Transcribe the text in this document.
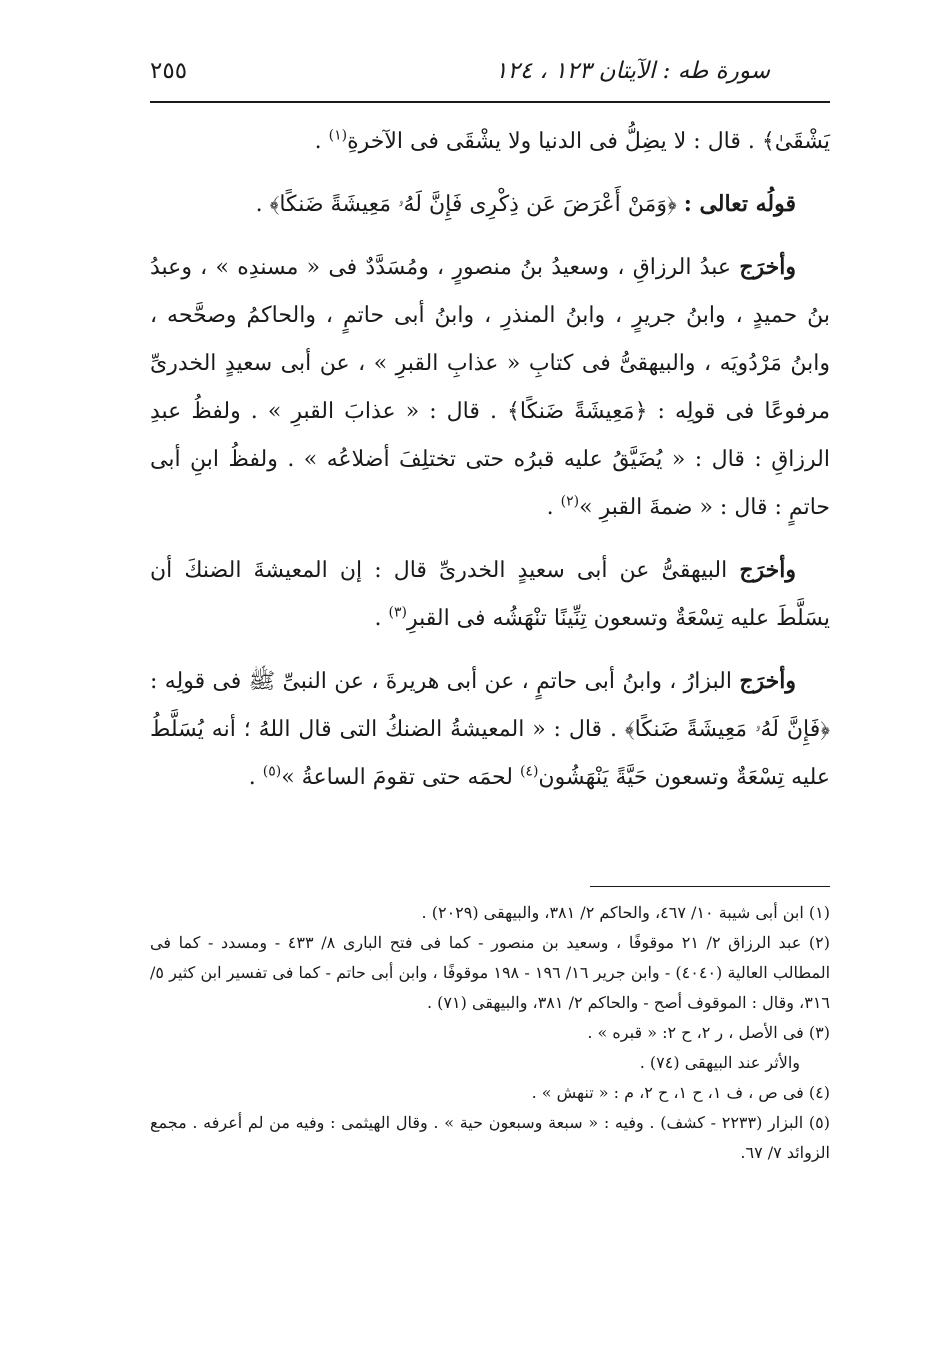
سورة طه : الآيتان ١٢٣ ، ١٢٤
٢٥٥

يَشْقَىٰ﴾ . قال : لا يضِلُّ فى الدنيا ولا يشْقَى فى الآخرةِ$^{(١)}$ .

قولُه تعالى : ﴿وَمَنْ أَعْرَضَ عَن ذِكْرِى فَإِنَّ لَهُۥ مَعِيشَةً ضَنكًا﴾ .

وأخرَج عبدُ الرزاقِ ، وسعيدُ بنُ منصورٍ ، ومُسَدَّدٌ فى « مسندِه » ، وعبدُ بنُ حميدٍ ، وابنُ جريرٍ ، وابنُ المنذرِ ، وابنُ أبى حاتمٍ ، والحاكمُ وصحَّحه ، وابنُ مَرْدُويَه ، والبيهقىُّ فى كتابِ « عذابِ القبرِ » ، عن أبى سعيدٍ الخدرىِّ مرفوعًا فى قولِه : ﴿مَعِيشَةً ضَنكًا﴾ . قال : « عذابَ القبرِ » . ولفظُ عبدِ الرزاقِ : قال : « يُضَيَّقُ عليه قبرُه حتى تختلِفَ أضلاعُه » . ولفظُ ابنِ أبى حاتمٍ : قال : « ضمةَ القبرِ »$^{(٢)}$ .

وأخرَج البيهقىُّ عن أبى سعيدٍ الخدرىِّ قال : إن المعيشةَ الضنكَ أن يسَلَّطَ عليه تِسْعَةٌ وتسعون تِنِّينًا تنْهَشُه فى القبرِ$^{(٣)}$ .

وأخرَج البزارُ ، وابنُ أبى حاتمٍ ، عن أبى هريرةَ ، عن النبىِّ ﷺ فى قولِه : ﴿فَإِنَّ لَهُۥ مَعِيشَةً ضَنكًا﴾ . قال : « المعيشةُ الضنكُ التى قال اللهُ ؛ أنه يُسَلَّطُ عليه تِسْعَةٌ وتسعون حَيَّةً يَنْهَشُون$^{(٤)}$ لحمَه حتى تقومَ الساعةُ »$^{(٥)}$ .

(١) ابن أبى شيبة ١٠/ ٤٦٧، والحاكم ٢/ ٣٨١، والبيهقى (٢٠٢٩) .

(٢) عبد الرزاق ٢/ ٢١ موقوفًا ، وسعيد بن منصور - كما فى فتح البارى ٨/ ٤٣٣ - ومسدد - كما فى المطالب العالية (٤٠٤٠) - وابن جرير ١٦/ ١٩٦ - ١٩٨ موقوفًا ، وابن أبى حاتم - كما فى تفسير ابن كثير ٥/ ٣١٦، وقال : الموقوف أصح - والحاكم ٢/ ٣٨١، والبيهقى (٧١) .

(٣) فى الأصل ، ر ٢، ح ٢: « قبره » .

والأثر عند البيهقى (٧٤) .

(٤) فى ص ، ف ١، ح ١، ح ٢، م : « تنهش » .

(٥) البزار (٢٢٣٣ - كشف) . وفيه : « سبعة وسبعون حية » . وقال الهيثمى : وفيه من لم أعرفه . مجمع الزوائد ٧/ ٦٧.
